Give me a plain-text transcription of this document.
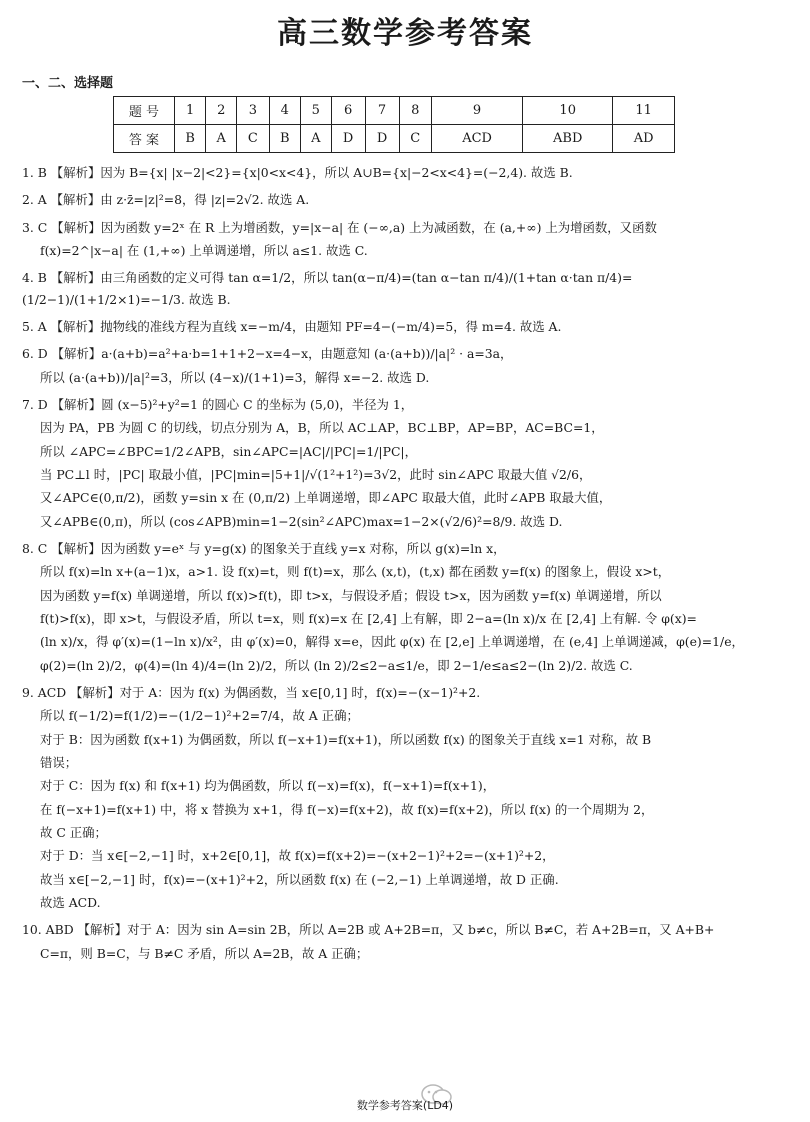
高三数学参考答案
一、二、选择题
题 号	1	2	3	4	5	6	7	8	9	10	11
答 案	B	A	C	B	A	D	D	C	ACD	ABD	AD

1. B 【解析】因为 B={x| |x−2|<2}={x|0<x<4}，所以 A∪B={x|−2<x<4}=(−2,4). 故选 B.

2. A 【解析】由 z·z̄=|z|²=8，得 |z|=2√2. 故选 A.

3. C 【解析】因为函数 y=2ˣ 在 R 上为增函数，y=|x−a| 在 (−∞,a) 上为减函数，在 (a,+∞) 上为增函数，又函数

f(x)=2^|x−a| 在 (1,+∞) 上单调递增，所以 a≤1. 故选 C.

4. B 【解析】由三角函数的定义可得 tan α=1/2，所以 tan(α−π/4)=(tan α−tan π/4)/(1+tan α·tan π/4)=(1/2−1)/(1+1/2×1)=−1/3. 故选 B.

5. A 【解析】抛物线的准线方程为直线 x=−m/4，由题知 PF=4−(−m/4)=5，得 m=4. 故选 A.

6. D 【解析】a·(a+b)=a²+a·b=1+1+2−x=4−x，由题意知 (a·(a+b))/|a|² · a=3a，

所以 (a·(a+b))/|a|²=3，所以 (4−x)/(1+1)=3，解得 x=−2. 故选 D.

7. D 【解析】圆 (x−5)²+y²=1 的圆心 C 的坐标为 (5,0)，半径为 1，

因为 PA，PB 为圆 C 的切线，切点分别为 A，B，所以 AC⊥AP，BC⊥BP，AP=BP，AC=BC=1，

所以 ∠APC=∠BPC=1/2∠APB，sin∠APC=|AC|/|PC|=1/|PC|，

当 PC⊥l 时，|PC| 取最小值，|PC|min=|5+1|/√(1²+1²)=3√2，此时 sin∠APC 取最大值 √2/6，

又∠APC∈(0,π/2)，函数 y=sin x 在 (0,π/2) 上单调递增，即∠APC 取最大值，此时∠APB 取最大值，

又∠APB∈(0,π)，所以 (cos∠APB)min=1−2(sin²∠APC)max=1−2×(√2/6)²=8/9. 故选 D.

8. C 【解析】因为函数 y=eˣ 与 y=g(x) 的图象关于直线 y=x 对称，所以 g(x)=ln x，

所以 f(x)=ln x+(a−1)x，a>1. 设 f(x)=t，则 f(t)=x，那么 (x,t)，(t,x) 都在函数 y=f(x) 的图象上，假设 x>t，

因为函数 y=f(x) 单调递增，所以 f(x)>f(t)，即 t>x，与假设矛盾；假设 t>x，因为函数 y=f(x) 单调递增，所以

f(t)>f(x)，即 x>t，与假设矛盾，所以 t=x，则 f(x)=x 在 [2,4] 上有解，即 2−a=(ln x)/x 在 [2,4] 上有解. 令 φ(x)=

(ln x)/x，得 φ′(x)=(1−ln x)/x²，由 φ′(x)=0，解得 x=e，因此 φ(x) 在 [2,e] 上单调递增，在 (e,4] 上单调递减，φ(e)=1/e，

φ(2)=(ln 2)/2，φ(4)=(ln 4)/4=(ln 2)/2，所以 (ln 2)/2≤2−a≤1/e，即 2−1/e≤a≤2−(ln 2)/2. 故选 C.

9. ACD 【解析】对于 A：因为 f(x) 为偶函数，当 x∈[0,1] 时，f(x)=−(x−1)²+2.

所以 f(−1/2)=f(1/2)=−(1/2−1)²+2=7/4，故 A 正确；

对于 B：因为函数 f(x+1) 为偶函数，所以 f(−x+1)=f(x+1)，所以函数 f(x) 的图象关于直线 x=1 对称，故 B

错误；

对于 C：因为 f(x) 和 f(x+1) 均为偶函数，所以 f(−x)=f(x)，f(−x+1)=f(x+1)，

在 f(−x+1)=f(x+1) 中，将 x 替换为 x+1，得 f(−x)=f(x+2)，故 f(x)=f(x+2)，所以 f(x) 的一个周期为 2，

故 C 正确；

对于 D：当 x∈[−2,−1] 时，x+2∈[0,1]，故 f(x)=f(x+2)=−(x+2−1)²+2=−(x+1)²+2，

故当 x∈[−2,−1] 时，f(x)=−(x+1)²+2，所以函数 f(x) 在 (−2,−1) 上单调递增，故 D 正确.

故选 ACD.

10. ABD 【解析】对于 A：因为 sin A=sin 2B，所以 A=2B 或 A+2B=π，又 b≠c，所以 B≠C，若 A+2B=π，又 A+B+

C=π，则 B=C，与 B≠C 矛盾，所以 A=2B，故 A 正确；

数学参考答案(LD4)
